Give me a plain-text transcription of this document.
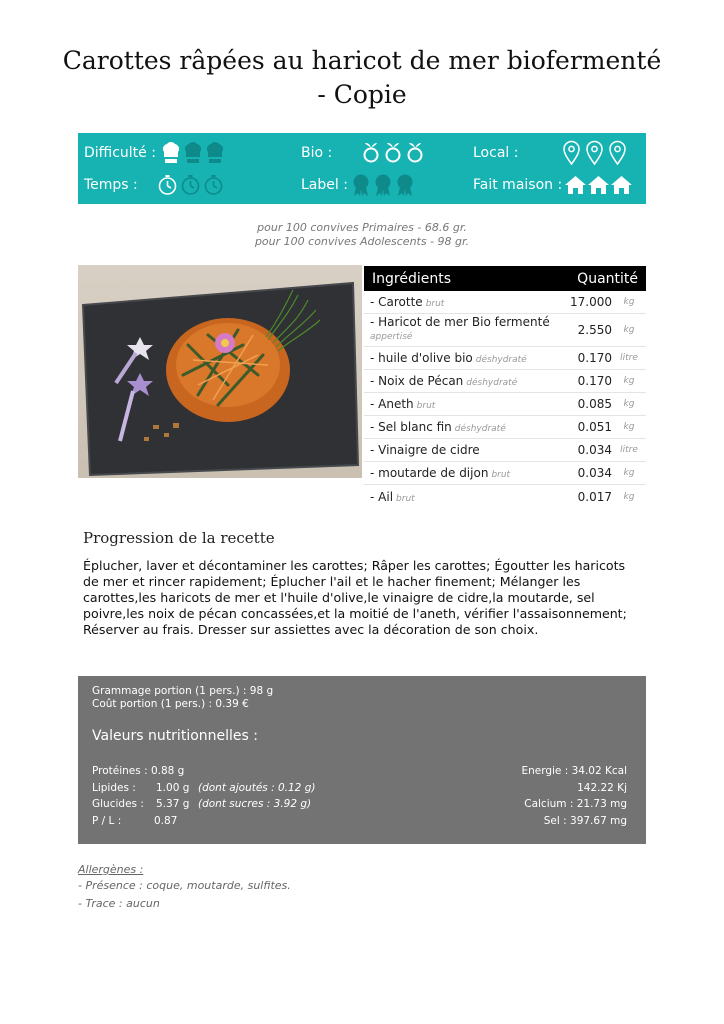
Carottes râpées au haricot de mer biofermenté - Copie
Difficulté :
Temps :
Bio :
Label :
Local :
Fait maison :
pour 100 convives Primaires - 68.6 gr.
pour 100 convives Adolescents - 98 gr.
Ingrédients	Quantité
- Carotte brut	17.000	kg
- Haricot de mer Bio fermenté
appertisé	2.550	kg
- huile d'olive bio déshydraté	0.170 litre
- Noix de Pécan déshydraté	0.170	kg
- Aneth brut	0.085	kg
- Sel blanc fin déshydraté	0.051	kg
- Vinaigre de cidre	0.034 litre
- moutarde de dijon brut	0.034	kg
- Ail brut	0.017	kg
Progression de la recette
Éplucher, laver et décontaminer les carottes; Râper les carottes; Égoutter les haricots de mer et rincer rapidement; Éplucher l'ail et le hacher finement; Mélanger les carottes,les haricots de mer et l'huile d'olive,le vinaigre de cidre,la moutarde, sel poivre,les noix de pécan concassées,et la moitié de l'aneth, vérifier l'assaisonnement; Réserver au frais. Dresser sur assiettes avec la décoration de son choix.
Grammage portion (1 pers.) : 98 g
Coût portion (1 pers.) : 0.39 €
Valeurs nutritionnelles :
Protéines : 0.88 g
Lipides : 1.00 g (dont ajoutés : 0.12 g)
Glucides : 5.37 g (dont sucres : 3.92 g)
P / L :	0.87
Energie : 34.02 Kcal
142.22 Kj
Calcium : 21.73 mg
Sel : 397.67 mg
Allergènes :
- Présence : coque, moutarde, sulfites.
- Trace : aucun
